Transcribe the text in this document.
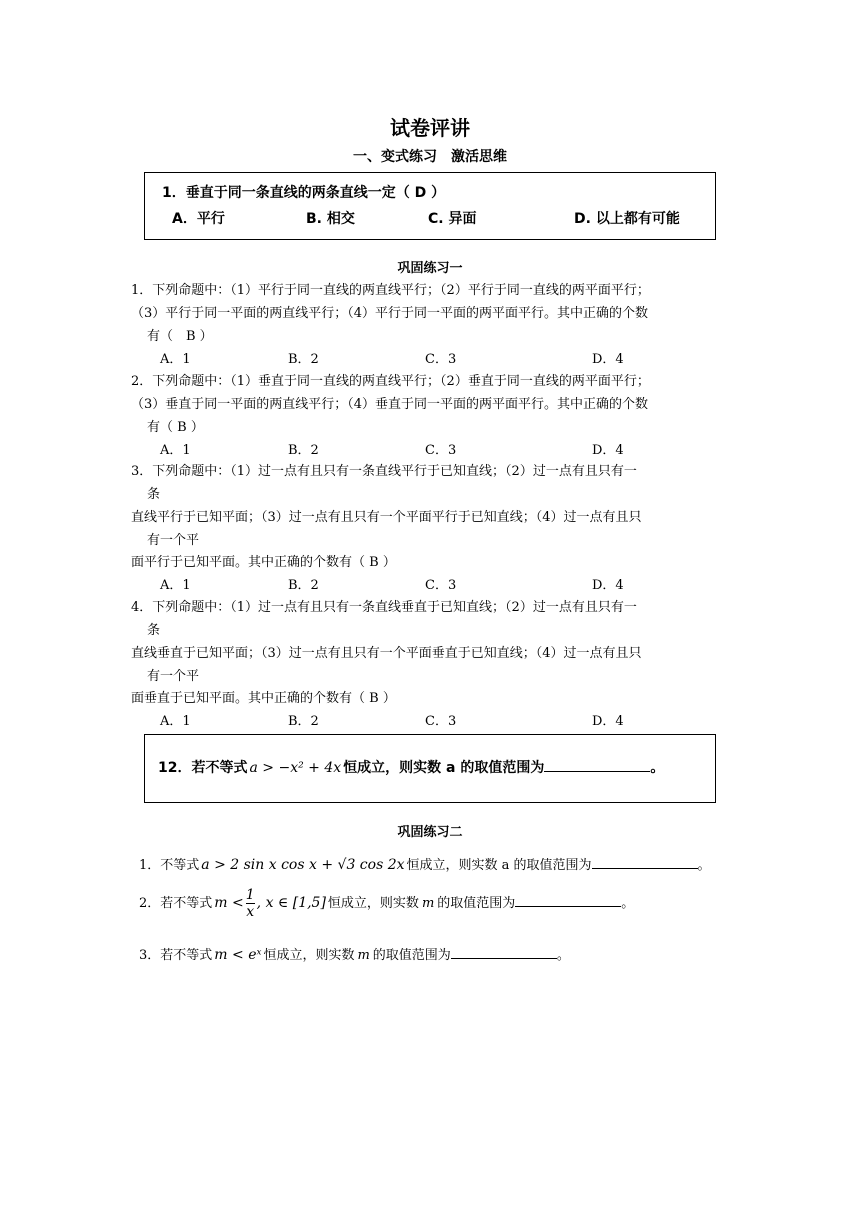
试卷评讲
一、变式练习　激活思维
1．垂直于同一条直线的两条直线一定（ D ）
A．平行	B. 相交	C. 异面	D. 以上都有可能
巩固练习一
1．下列命题中：（1）平行于同一直线的两直线平行；（2）平行于同一直线的两平面平行；
（3）平行于同一平面的两直线平行；（4）平行于同一平面的两平面平行。其中正确的个数
有（　B ）
A．1	B．2	C．3	D．4
2．下列命题中：（1）垂直于同一直线的两直线平行；（2）垂直于同一直线的两平面平行；
（3）垂直于同一平面的两直线平行；（4）垂直于同一平面的两平面平行。其中正确的个数
有（ B ）
A．1	B．2	C．3	D．4
3．下列命题中：（1）过一点有且只有一条直线平行于已知直线；（2）过一点有且只有一
条
直线平行于已知平面；（3）过一点有且只有一个平面平行于已知直线；（4）过一点有且只
有一个平
面平行于已知平面。其中正确的个数有（ B ）
A．1	B．2	C．3	D．4
4．下列命题中：（1）过一点有且只有一条直线垂直于已知直线；（2）过一点有且只有一
条
直线垂直于已知平面；（3）过一点有且只有一个平面垂直于已知直线；（4）过一点有且只
有一个平
面垂直于已知平面。其中正确的个数有（ B ）
A．1	B．2	C．3	D．4
12．若不等式 a > −x² + 4x 恒成立，则实数 a 的取值范围为	。
巩固练习二
1．不等式 a > 2 sin x cos x + √3 cos 2x 恒成立，则实数 a 的取值范围为	。
2．若不等式 $m < \frac{1}{x}$ , x ∈ [1,5] 恒成立，则实数 m 的取值范围为	。
3．若不等式 m < eˣ 恒成立，则实数 m 的取值范围为	。
